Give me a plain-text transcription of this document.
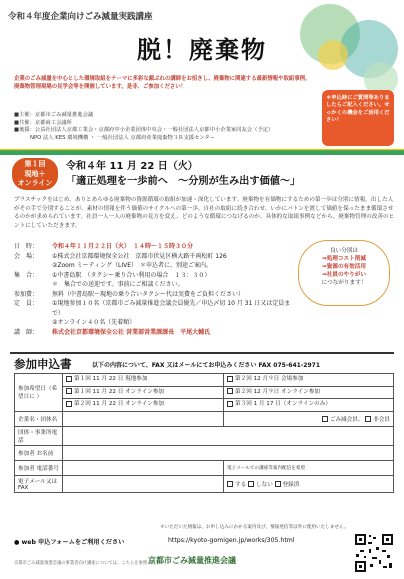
令和４年度企業向けごみ減量実践講座
脱！廃棄物
企業のごみ減量を中心とした環境取組をテーマに多彩な顔ぶれの講師をお招きし、廃棄物に関連する最新情報や取組事例、廃棄物管理現場の見学会等を開催しています。是非、ご参加ください！
■主催：京都市ごみ減量推進会議
■共催：京都商工会議所
■後援：公益社団法人京都工業会・京都府中小企業団体中央会・一般社団法人京都中小企業家同友会（予定）
NPO 法人 KES 環境機構 ・ 一般社団法人 京都府産業廃棄物３Ｒ支援センター
＊申込時にご質問等ありましたらご記入ください。せっかくの機会をご活用ください！
第１回
現地＋
オンライン
令和４年 11 月 22 日（火）
「適正処理を一歩前へ　～分別が生み出す価値～」
プラスチックをはじめ、ありとあらゆる廃棄物の資源循環の取組が加速・深化しています。廃棄物を有価物にするための第一歩は分別に情報。出した人がその手で分別することが、素材の情報を伴う価値のサイクルへの第一歩。自社の取組に続き合わせ、いかにバトンを渡して価値を保ったまま循環させるのかが求められています。社員一人一人の廃棄物の見方を変え、どのような循環につなげるのか。具体的な取組事例などから、廃棄物管理の改善のヒントにしていただきます。
日　時：	令和４年１１月２２日（火）　１４時～１５時３０分
会　場：	①株式会社京都環境保全公社　京都市伏見区横大路千両松町 126
②Zoom ミーティング（LIVE）　＊申込者に、別途ご案内。
集　合：	①中書島駅　（タクシー乗り合い利用の場合　１３：３０）
＊　集合での送迎です。事前にご相談ください。
参加費：	無料（中書島駅～現地の乗り合いタクシー代は実費をご負担ください）
定　員：	①現地参加１０名（京都市ごみ減量推進会議会員優先／申込〆切 10 月 31 日又は定員まで）
②オンライン４０名（先着順）
講　師：	株式会社京都環境保全公社 営業部営業課課長　平尾大輔氏
良い分別は
⇒処理コスト削減
⇒資源の有効活用
⇒社員のやりがい
につながります！
参加申込書	以下の内容について、FAX 又はメールにてお申込みください FAX 075-641-2971
参加希望日（希望日に ）	第１回 11 月 22 日 現地参加	第２回 12 月９日 会場参加
	第１回 11 月 22 日 オンライン参加	第２回 12 月９日 オンライン参加
	第２回 11 月 22 日 オンライン参加	第３回 1 月 17 日（オンラインのみ）
企業名・団体名		ごみ減会員、 非会員
団体・事業所電話		
参加者 お名前		
参加者 電話番号		電子メールでの講座等案内配信を希望

電子メール又は FAX		する しない 登録済
＊いただいた情報は、お申し込みにかかる案内及び、情報発信等以外に使用いたしません。
● web 申込フォームをご利用ください	https://kyoto-gomigen.jp/works/305.html
京都市ごみ減量推進会議の事業者向け講座については、こちらを参照ください。
京都市ごみ減量推進会議
